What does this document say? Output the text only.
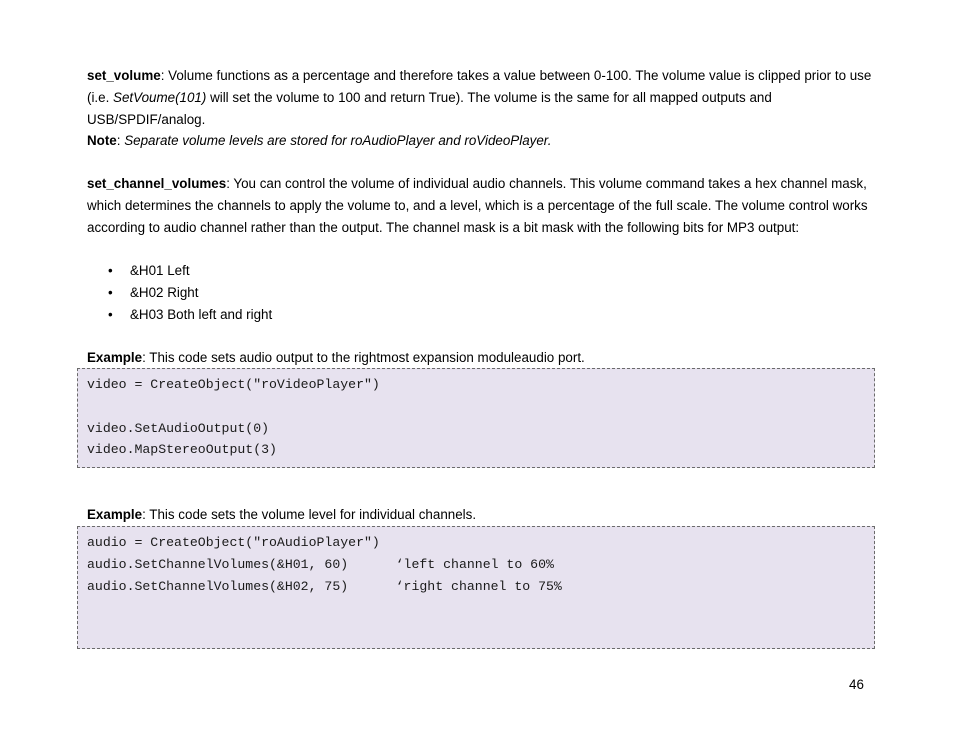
set_volume: Volume functions as a percentage and therefore takes a value between 0-100. The volume value is clipped prior to use (i.e. SetVoume(101) will set the volume to 100 and return True). The volume is the same for all mapped outputs and USB/SPDIF/analog.
Note: Separate volume levels are stored for roAudioPlayer and roVideoPlayer.

set_channel_volumes: You can control the volume of individual audio channels. This volume command takes a hex channel mask, which determines the channels to apply the volume to, and a level, which is a percentage of the full scale. The volume control works according to audio channel rather than the output. The channel mask is a bit mask with the following bits for MP3 output:

• &H01 Left
• &H02 Right
• &H03 Both left and right

Example: This code sets audio output to the rightmost expansion moduleaudio port.

video = CreateObject("roVideoPlayer")
video.SetAudioOutput(0)
video.MapStereoOutput(3)

Example: This code sets the volume level for individual channels.

audio = CreateObject("roAudioPlayer")
audio.SetChannelVolumes(&H01, 60)      ‘left channel to 60%
audio.SetChannelVolumes(&H02, 75)      ‘right channel to 75%
46
